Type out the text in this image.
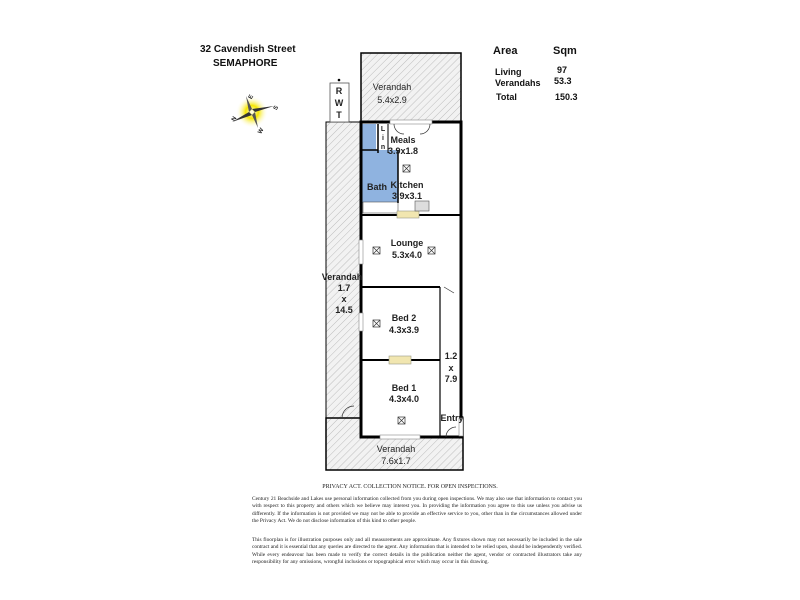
32 Cavendish Street
SEMAPHORE
Area	Sqm
Living	97
Verandahs 53.3
Total	150.3
N
E
S
W
R
W
T
L
i
n
Verandah
5.4x2.9
Meals
3.9x1.8
Kitchen
3.9x3.1
Bath
Lounge
5.3x4.0
Verandah
1.7
x
14.5
Bed 2
4.3x3.9
1.2
x
7.9
Bed 1
4.3x4.0
Entry
Verandah
7.6x1.7
PRIVACY ACT. COLLECTION NOTICE. FOR OPEN INSPECTIONS.
Century 21 Beachside and Lakes use personal information collected from you during open inspections. We may also use that information to contact you with respect to this property and others which we believe may interest you. In providing the information you agree to this use unless you advise us differently. If the information is not provided we may not be able to provide an effective service to you, other than in the circumstances allowed under the Privacy Act. We do not disclose information of this kind to other people.
This floorplan is for illustration purposes only and all measurements are approximate. Any fixtures shown may not necessarily be included in the sale contract and it is essential that any queries are directed to the agent. Any information that is intended to be relied upon, should be independently verified. While every endeavour has been made to verify the correct details in the publication neither the agent, vendor or contracted illustrators take any responsibility for any omissions, wrongful inclusions or topographical error which may occur in this drawing.
